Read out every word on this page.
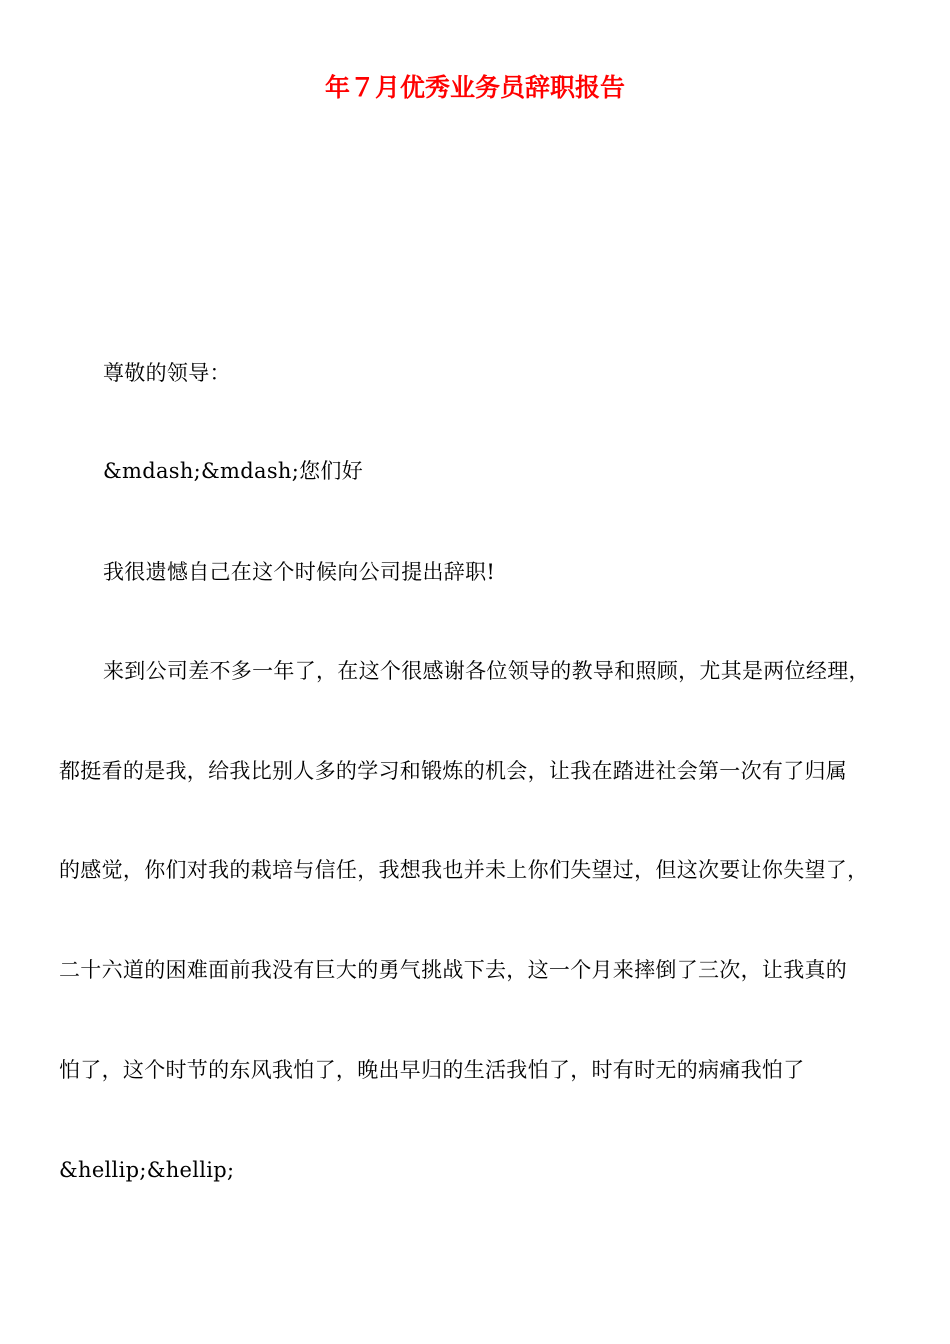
年７月优秀业务员辞职报告
尊敬的领导：
&mdash;&mdash;您们好
我很遗憾自己在这个时候向公司提出辞职!
来到公司差不多一年了，在这个很感谢各位领导的教导和照顾，尤其是两位经理，
都挺看的是我，给我比别人多的学习和锻炼的机会，让我在踏进社会第一次有了归属
的感觉，你们对我的栽培与信任，我想我也并未上你们失望过，但这次要让你失望了，
二十六道的困难面前我没有巨大的勇气挑战下去，这一个月来摔倒了三次，让我真的
怕了，这个时节的东风我怕了，晚出早归的生活我怕了，时有时无的病痛我怕了
&hellip;&hellip;
